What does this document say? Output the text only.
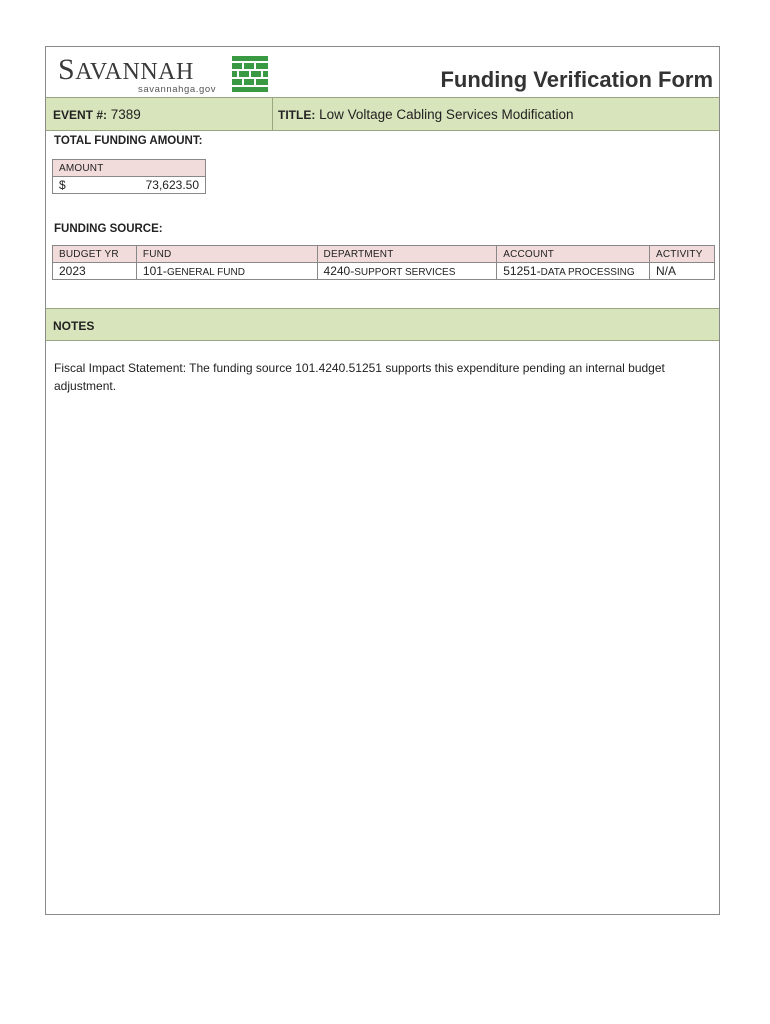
SAVANNAH
savannahga.gov	Funding Verification Form
EVENT #: 7389	TITLE: Low Voltage Cabling Services Modification
TOTAL FUNDING AMOUNT:
AMOUNT

$	73,623.50
FUNDING SOURCE:
BUDGET YR	FUND	DEPARTMENT	ACCOUNT	ACTIVITY
2023	101-GENERAL FUND	4240-SUPPORT SERVICES	51251-DATA PROCESSING	N/A
NOTES
Fiscal Impact Statement: The funding source 101.4240.51251 supports this expenditure pending an internal budget adjustment.
